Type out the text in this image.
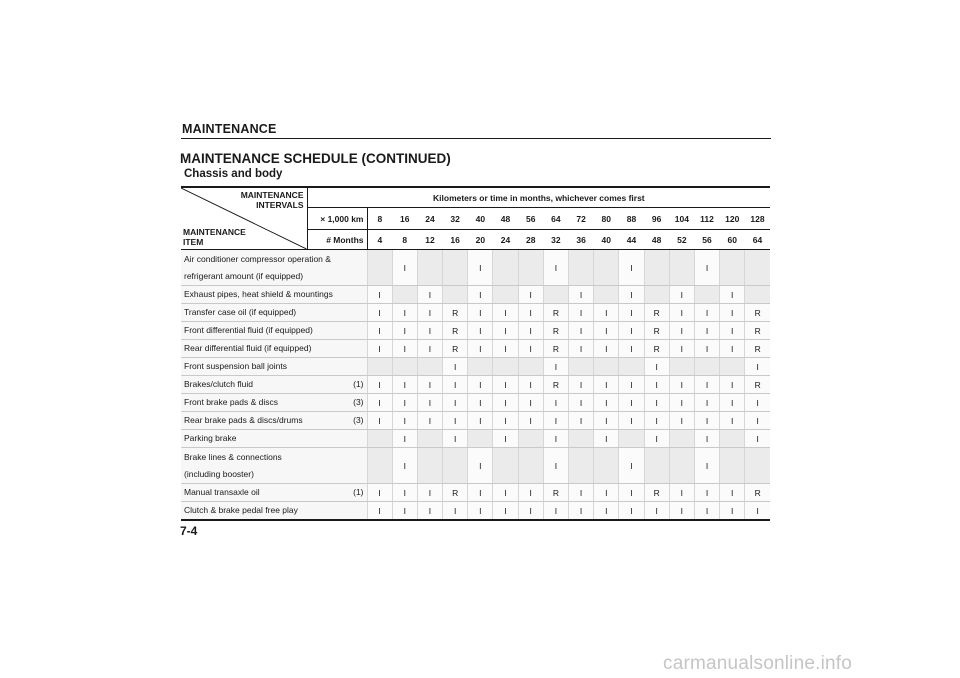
MAINTENANCE
MAINTENANCE SCHEDULE (CONTINUED)
Chassis and body
MAINTENANCE
INTERVALS
MAINTENANCE
ITEM	Kilometers or time in months, whichever comes first																
	× 1,000 km	8	16	24	32	40	48	56	64	72	80	88	96	104	112	120	128
	# Months	4	8	12	16	20	24	28	32	36	40	44	48	52	56	60	64

Air conditioner compressor operation &
refrigerant amount (if equipped)			I			I			I			I			I		

Exhaust pipes, heat shield & mountings		I		I		I		I		I		I		I		I	

Transfer case oil (if equipped)		I	I	I	R	I	I	I	R	I	I	I	R	I	I	I	R

Front differential fluid (if equipped)		I	I	I	R	I	I	I	R	I	I	I	R	I	I	I	R

Rear differential fluid (if equipped)		I	I	I	R	I	I	I	R	I	I	I	R	I	I	I	R

Front suspension ball joints					I				I				I				I

Brakes/clutch fluid (1)		I	I	I	I	I	I	I	R	I	I	I	I	I	I	I	R

Front brake pads & discs (3)		I	I	I	I	I	I	I	I	I	I	I	I	I	I	I	I

Rear brake pads & discs/drums (3)		I	I	I	I	I	I	I	I	I	I	I	I	I	I	I	I

Parking brake			I		I		I		I		I		I		I		I

Brake lines & connections
(including booster)			I			I			I			I			I		

Manual transaxle oil (1)		I	I	I	R	I	I	I	R	I	I	I	R	I	I	I	R

Clutch & brake pedal free play		I	I	I	I	I	I	I	I	I	I	I	I	I	I	I	I
7-4
carmanualsonline.info
